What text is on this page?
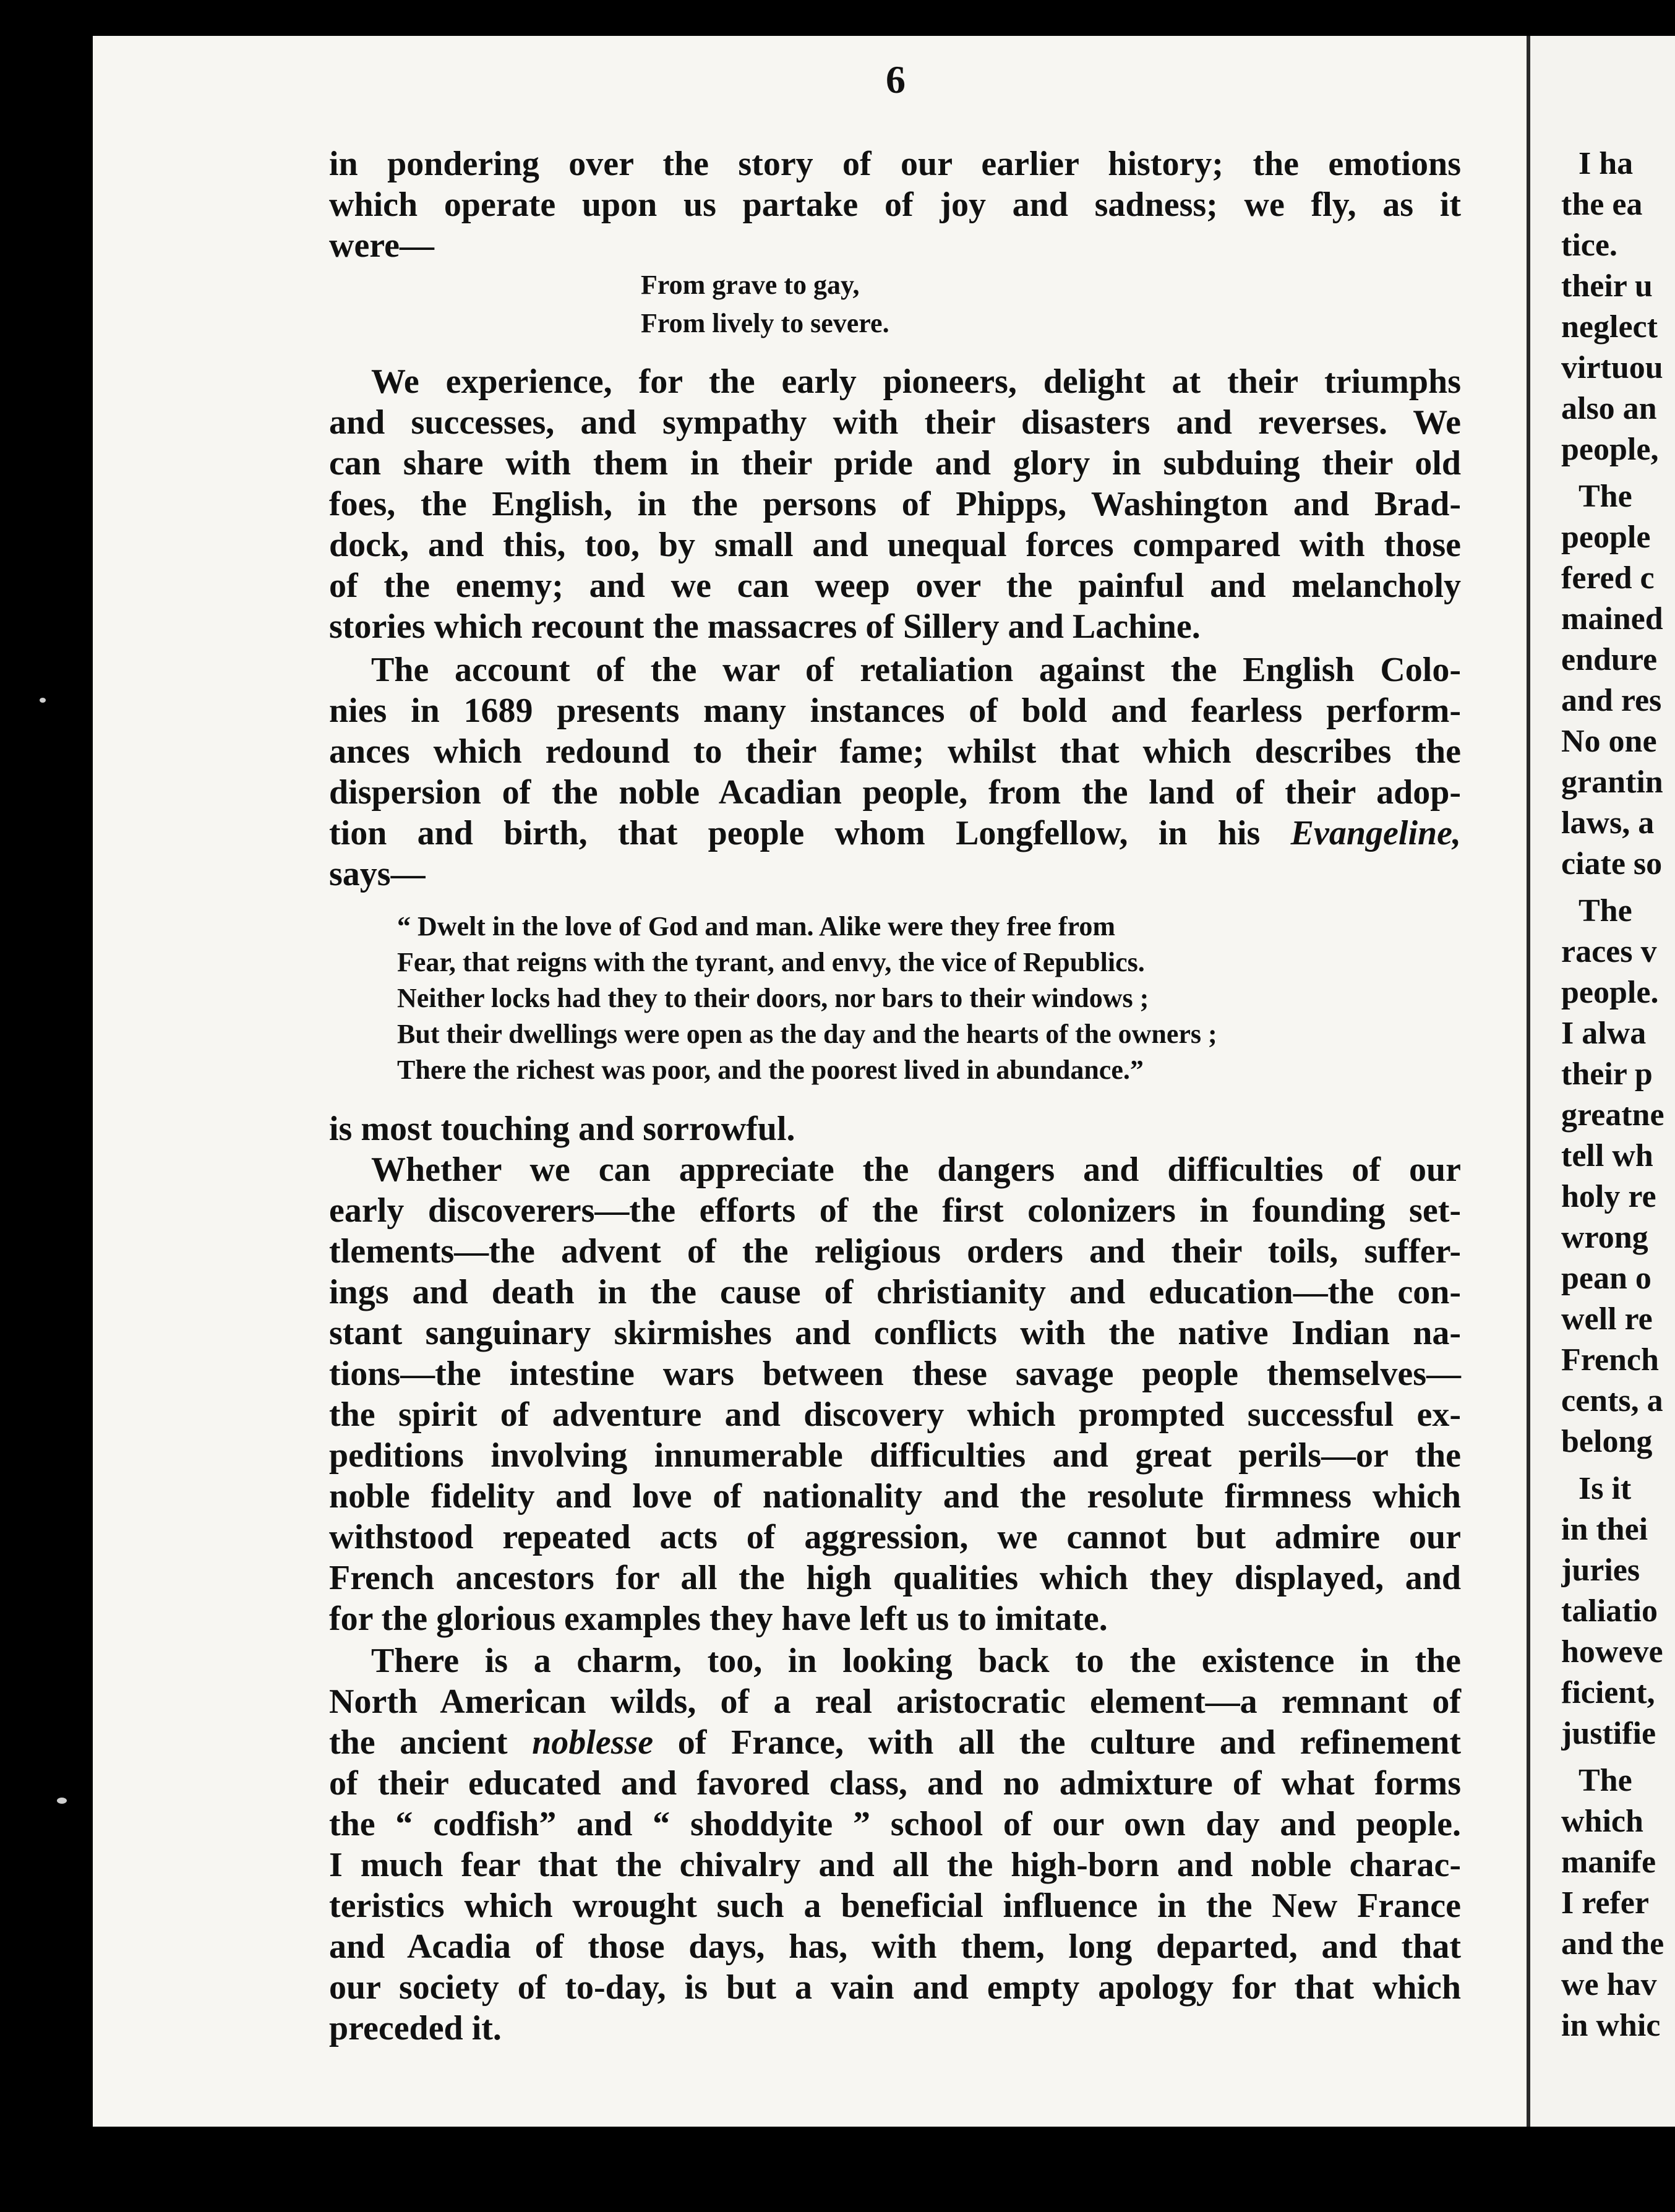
6
in pondering over the story of our earlier history; the emotions
which operate upon us partake of joy and sadness; we fly, as it
were—
From grave to gay,
From lively to severe.
We experience, for the early pioneers, delight at their triumphs
and successes, and sympathy with their disasters and reverses. We
can share with them in their pride and glory in subduing their old
foes, the English, in the persons of Phipps, Washington and Brad-
dock, and this, too, by small and unequal forces compared with those
of the enemy; and we can weep over the painful and melancholy
stories which recount the massacres of Sillery and Lachine.
The account of the war of retaliation against the English Colo-
nies in 1689 presents many instances of bold and fearless perform-
ances which redound to their fame; whilst that which describes the
dispersion of the noble Acadian people, from the land of their adop-
tion and birth, that people whom Longfellow, in his Evangeline,
says—
“ Dwelt in the love of God and man. Alike were they free from
Fear, that reigns with the tyrant, and envy, the vice of Republics.
Neither locks had they to their doors, nor bars to their windows ;
But their dwellings were open as the day and the hearts of the owners ;
There the richest was poor, and the poorest lived in abundance.”
is most touching and sorrowful.
Whether we can appreciate the dangers and difficulties of our
early discoverers—the efforts of the first colonizers in founding set-
tlements—the advent of the religious orders and their toils, suffer-
ings and death in the cause of christianity and education—the con-
stant sanguinary skirmishes and conflicts with the native Indian na-
tions—the intestine wars between these savage people themselves—
the spirit of adventure and discovery which prompted successful ex-
peditions involving innumerable difficulties and great perils—or the
noble fidelity and love of nationality and the resolute firmness which
withstood repeated acts of aggression, we cannot but admire our
French ancestors for all the high qualities which they displayed, and
for the glorious examples they have left us to imitate.
There is a charm, too, in looking back to the existence in the
North American wilds, of a real aristocratic element—a remnant of
the ancient noblesse of France, with all the culture and refinement
of their educated and favored class, and no admixture of what forms
the “ codfish” and “ shoddyite ” school of our own day and people.
I much fear that the chivalry and all the high-born and noble charac-
teristics which wrought such a beneficial influence in the New France
and Acadia of those days, has, with them, long departed, and that
our society of to-day, is but a vain and empty apology for that which
preceded it.
I ha
the ea
tice.
their u
neglect
virtuou
also an
people,
The
people
fered c
mained
endure
and res
No one
grantin
laws, a
ciate so
The
races v
people.
I alwa
their p
greatne
tell wh
holy re
wrong
pean o
well re
French
cents, a
belong
Is it
in thei
juries
taliatio
howeve
ficient,
justifie
The
which
manife
I refer
and the
we hav
in whic
